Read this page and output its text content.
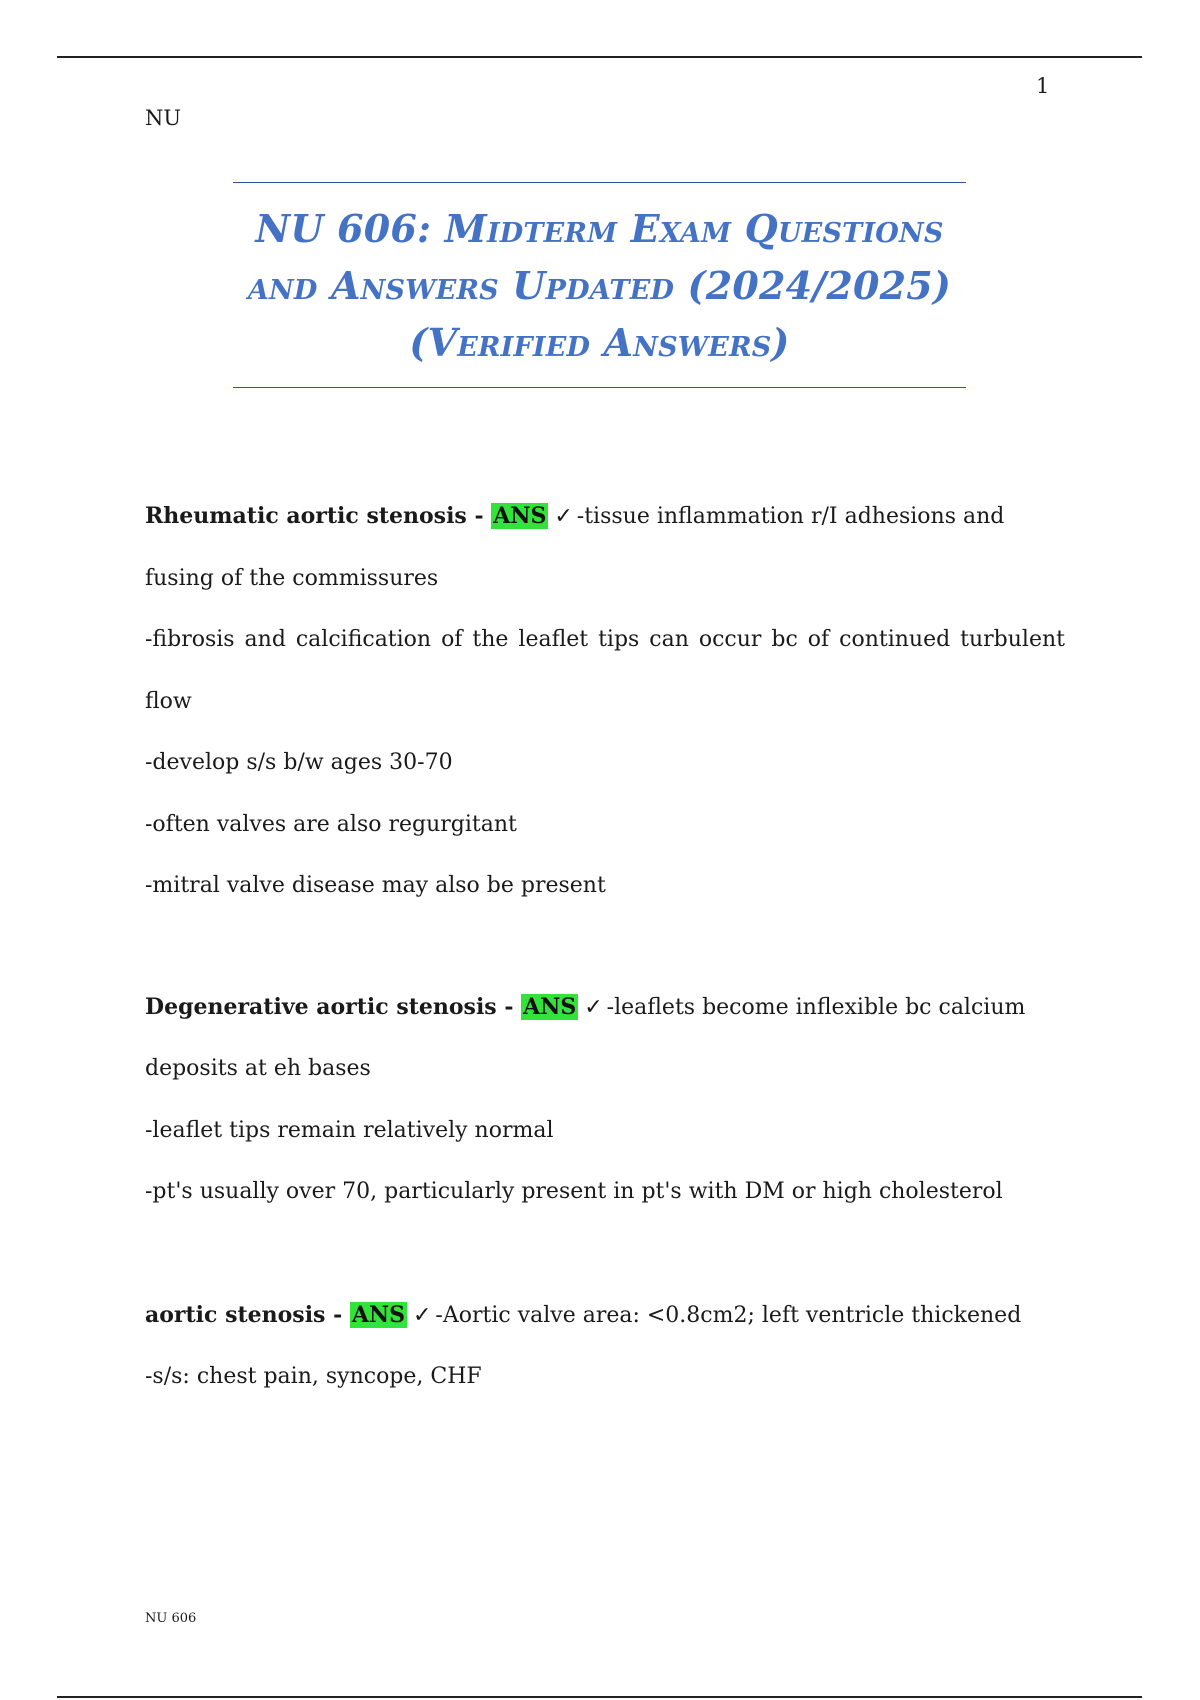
1
NU
NU 606: Midterm Exam Questions
and Answers Updated (2024/2025)
(Verified Answers)

Rheumatic aortic stenosis - ANS ✓ -tissue inflammation r/I adhesions and

fusing of the commissures

-fibrosis and calcification of the leaflet tips can occur bc of continued turbulent

flow

-develop s/s b/w ages 30-70

-often valves are also regurgitant

-mitral valve disease may also be present

Degenerative aortic stenosis - ANS ✓ -leaflets become inflexible bc calcium

deposits at eh bases

-leaflet tips remain relatively normal

-pt's usually over 70, particularly present in pt's with DM or high cholesterol

aortic stenosis - ANS ✓ -Aortic valve area: <0.8cm2; left ventricle thickened

-s/s: chest pain, syncope, CHF

NU 606
